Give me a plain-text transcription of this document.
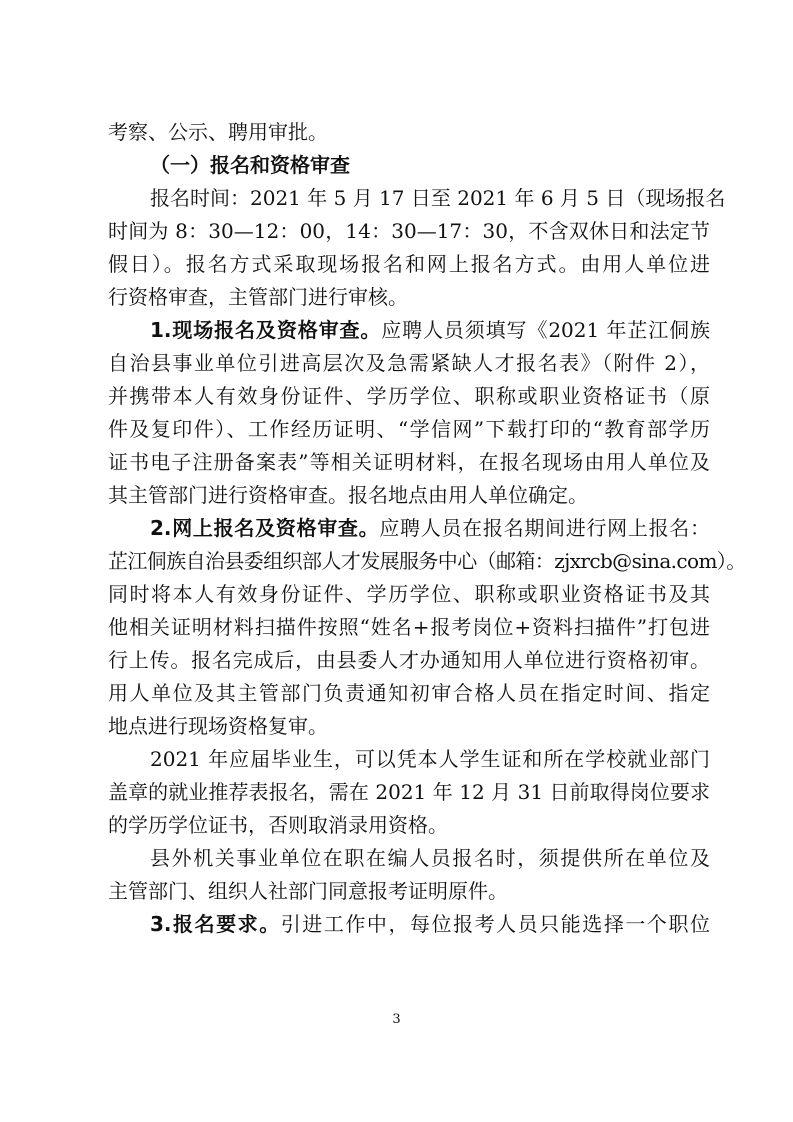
考察、公示、聘用审批。
（一）报名和资格审查
报名时间：2021 年 5 月 17 日至 2021 年 6 月 5 日（现场报名
时间为 8：30—12：00，14：30—17：30，不含双休日和法定节
假日）。报名方式采取现场报名和网上报名方式。由用人单位进
行资格审查，主管部门进行审核。
1.现场报名及资格审查。应聘人员须填写《2021 年芷江侗族
自治县事业单位引进高层次及急需紧缺人才报名表》（附件 2），
并携带本人有效身份证件、学历学位、职称或职业资格证书（原
件及复印件）、工作经历证明、“学信网”下载打印的“教育部学历
证书电子注册备案表”等相关证明材料，在报名现场由用人单位及
其主管部门进行资格审查。报名地点由用人单位确定。
2.网上报名及资格审查。应聘人员在报名期间进行网上报名：
芷江侗族自治县委组织部人才发展服务中心（邮箱：zjxrcb@sina.com）。
同时将本人有效身份证件、学历学位、职称或职业资格证书及其
他相关证明材料扫描件按照“姓名+报考岗位+资料扫描件”打包进
行上传。报名完成后，由县委人才办通知用人单位进行资格初审。
用人单位及其主管部门负责通知初审合格人员在指定时间、指定
地点进行现场资格复审。
2021 年应届毕业生，可以凭本人学生证和所在学校就业部门
盖章的就业推荐表报名，需在 2021 年 12 月 31 日前取得岗位要求
的学历学位证书，否则取消录用资格。
县外机关事业单位在职在编人员报名时，须提供所在单位及
主管部门、组织人社部门同意报考证明原件。
3.报名要求。引进工作中，每位报考人员只能选择一个职位
3
